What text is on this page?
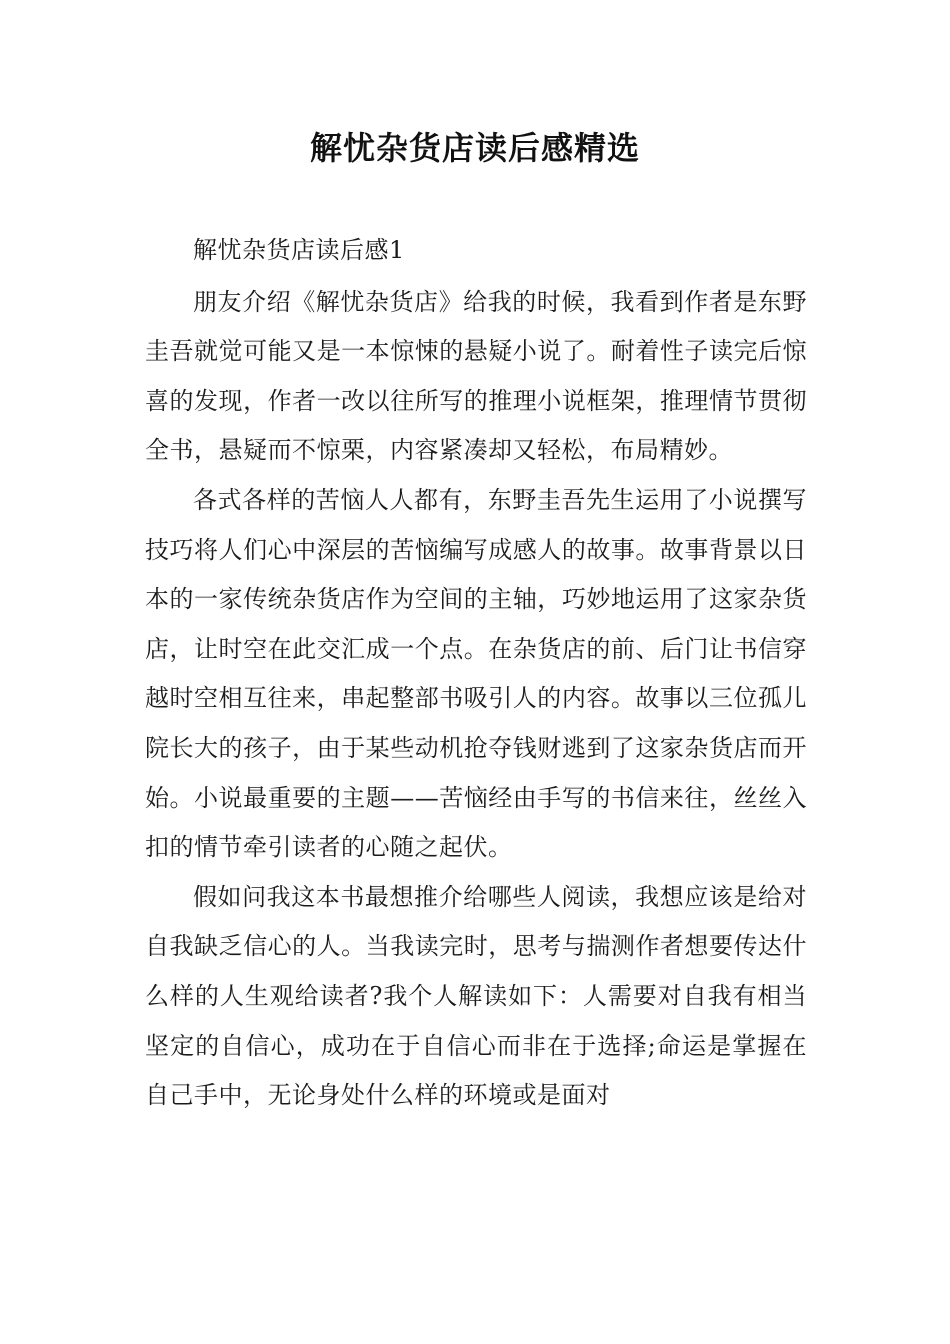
解忧杂货店读后感精选

解忧杂货店读后感1

朋友介绍《解忧杂货店》给我的时候，我看到作者是东野圭吾就觉可能又是一本惊悚的悬疑小说了。耐着性子读完后惊喜的发现，作者一改以往所写的推理小说框架，推理情节贯彻全书，悬疑而不惊栗，内容紧凑却又轻松，布局精妙。

各式各样的苦恼人人都有，东野圭吾先生运用了小说撰写技巧将人们心中深层的苦恼编写成感人的故事。故事背景以日本的一家传统杂货店作为空间的主轴，巧妙地运用了这家杂货店，让时空在此交汇成一个点。在杂货店的前、后门让书信穿越时空相互往来，串起整部书吸引人的内容。故事以三位孤儿院长大的孩子，由于某些动机抢夺钱财逃到了这家杂货店而开始。小说最重要的主题——苦恼经由手写的书信来往，丝丝入扣的情节牵引读者的心随之起伏。

假如问我这本书最想推介给哪些人阅读，我想应该是给对自我缺乏信心的人。当我读完时，思考与揣测作者想要传达什么样的人生观给读者?我个人解读如下：人需要对自我有相当坚定的自信心，成功在于自信心而非在于选择;命运是掌握在自己手中，无论身处什么样的环境或是面对
